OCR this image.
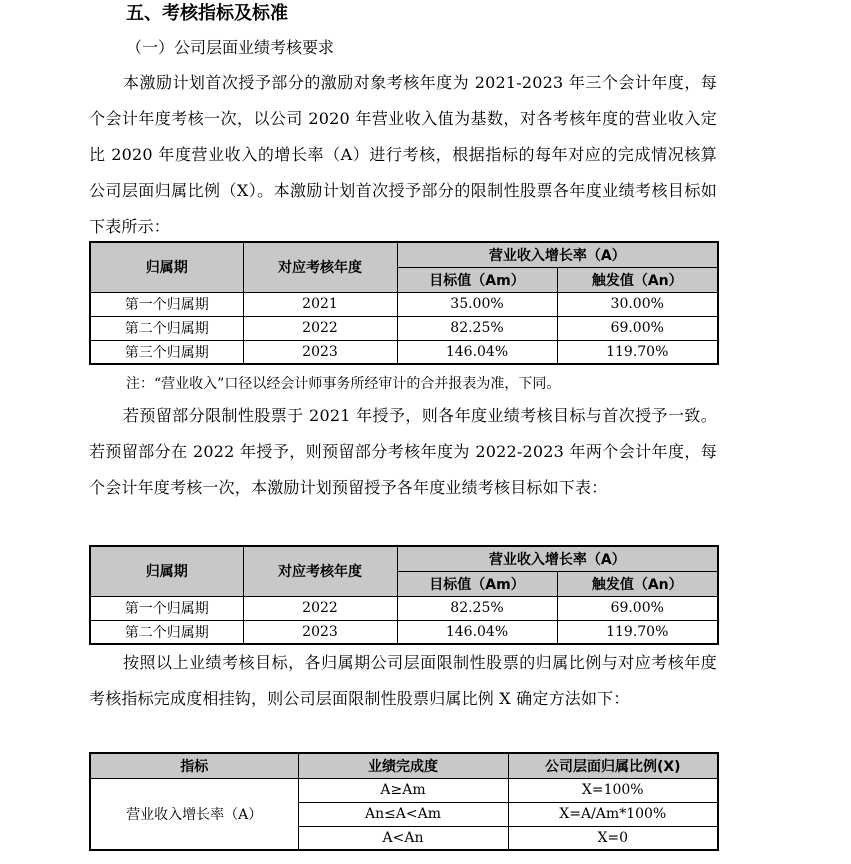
五、考核指标及标准
（一）公司层面业绩考核要求
本激励计划首次授予部分的激励对象考核年度为 2021-2023 年三个会计年度，每个会计年度考核一次，以公司 2020 年营业收入值为基数，对各考核年度的营业收入定比 2020 年度营业收入的增长率（A）进行考核，根据指标的每年对应的完成情况核算公司层面归属比例（X）。本激励计划首次授予部分的限制性股票各年度业绩考核目标如下表所示：
归属期	对应考核年度	营业收入增长率（A）	
		目标值（Am）	触发值（An）
第一个归属期	2021	35.00%	30.00%
第二个归属期	2022	82.25%	69.00%
第三个归属期	2023	146.04%	119.70%
注：“营业收入”口径以经会计师事务所经审计的合并报表为准，下同。
若预留部分限制性股票于 2021 年授予，则各年度业绩考核目标与首次授予一致。若预留部分在 2022 年授予，则预留部分考核年度为 2022-2023 年两个会计年度，每个会计年度考核一次，本激励计划预留授予各年度业绩考核目标如下表：
归属期	对应考核年度	营业收入增长率（A）	
		目标值（Am）	触发值（An）
第一个归属期	2022	82.25%	69.00%
第二个归属期	2023	146.04%	119.70%
按照以上业绩考核目标，各归属期公司层面限制性股票的归属比例与对应考核年度考核指标完成度相挂钩，则公司层面限制性股票归属比例 X 确定方法如下：
指标	业绩完成度	公司层面归属比例(X)
营业收入增长率（A）	A≥Am	X=100%
	An≤A<Am	X=A/Am*100%
	A<An	X=0
